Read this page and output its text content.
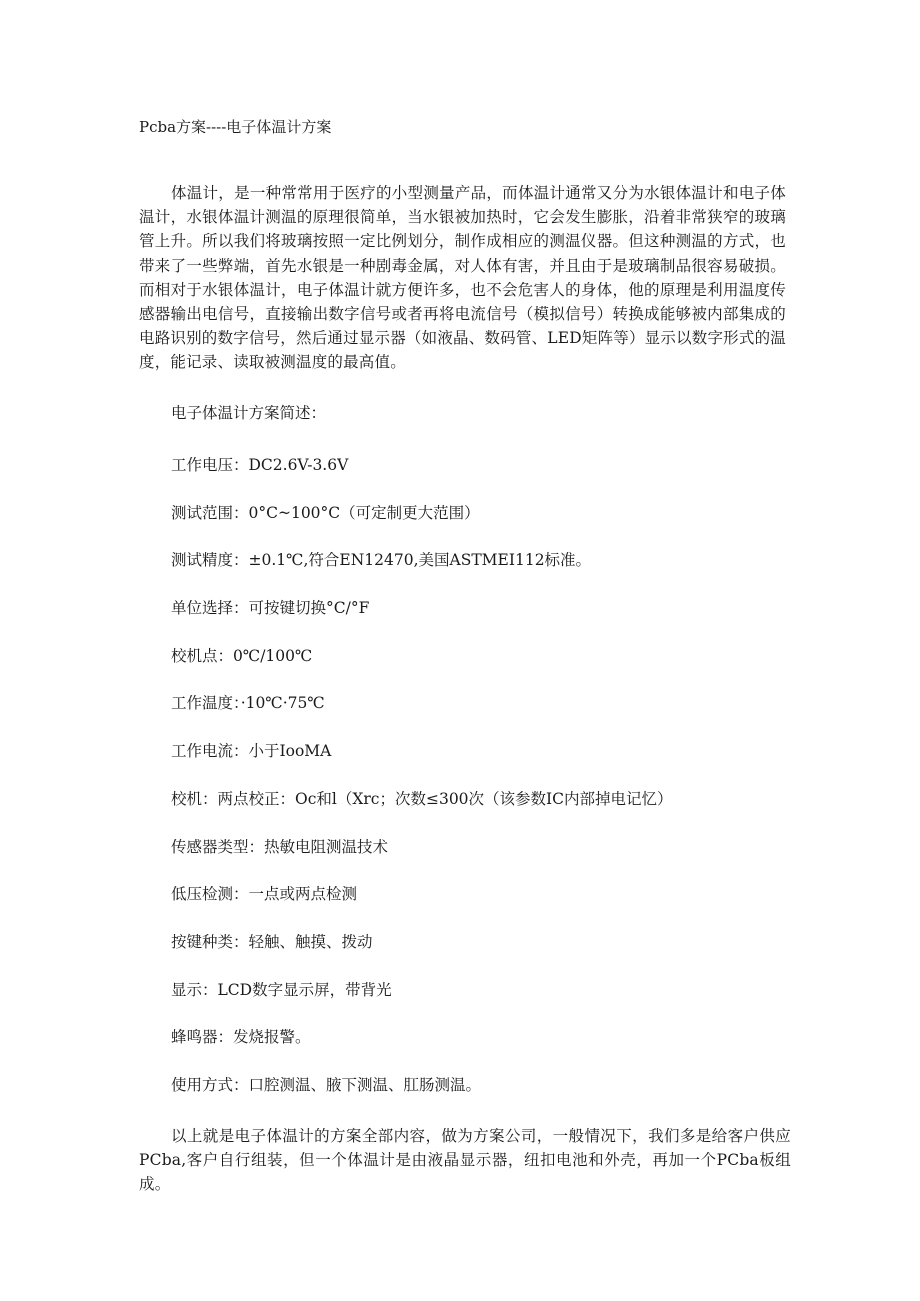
Pcba方案----电子体温计方案

体温计，是一种常常用于医疗的小型测量产品，而体温计通常又分为水银体温计和电子体温计，水银体温计测温的原理很简单，当水银被加热时，它会发生膨胀，沿着非常狭窄的玻璃管上升。所以我们将玻璃按照一定比例划分，制作成相应的测温仪器。但这种测温的方式，也带来了一些弊端，首先水银是一种剧毒金属，对人体有害，并且由于是玻璃制品很容易破损。而相对于水银体温计，电子体温计就方便许多，也不会危害人的身体，他的原理是利用温度传感器输出电信号，直接输出数字信号或者再将电流信号（模拟信号）转换成能够被内部集成的电路识别的数字信号，然后通过显示器（如液晶、数码管、LED矩阵等）显示以数字形式的温度，能记录、读取被测温度的最高值。

电子体温计方案简述：

工作电压：DC2.6V-3.6V
测试范围：0°C~100°C（可定制更大范围）
测试精度：±0.1℃,符合EN12470,美国ASTMEI112标准。
单位选择：可按键切换°C/°F
校机点：0℃/100℃
工作温度：·10℃·75℃
工作电流：小于IooMA
校机：两点校正：Oc和l（Xrc；次数≤300次（该参数IC内部掉电记忆）
传感器类型：热敏电阻测温技术
低压检测：一点或两点检测
按键种类：轻触、触摸、拨动
显示：LCD数字显示屏，带背光
蜂鸣器：发烧报警。
使用方式：口腔测温、腋下测温、肛肠测温。

以上就是电子体温计的方案全部内容，做为方案公司，一般情况下，我们多是给客户供应PCba,客户自行组装，但一个体温计是由液晶显示器，纽扣电池和外壳，再加一个PCba板组成。
